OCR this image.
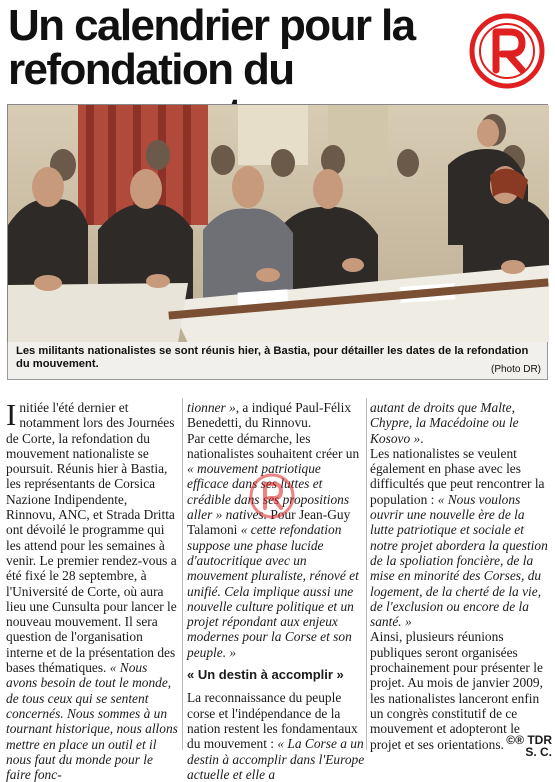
Un calendrier pour la refondation du
Les militants nationalistes se sont réunis hier, à Bastia, pour détailler les dates de la refondation du mouvement.	(Photo DR)

Initiée l'été dernier et notamment lors des Journées de Corte, la refondation du mouvement nationaliste se poursuit. Réunis hier à Bastia, les représentants de Corsica Nazione Indipendente, Rinnovu, ANC, et Strada Dritta ont dévoilé le programme qui les attend pour les semaines à venir. Le premier rendez-vous a été fixé le 28 septembre, à l'Université de Corte, où aura lieu une Cunsulta pour lancer le nouveau mouvement. Il sera question de l'organisation interne et de la présentation des bases thématiques. « Nous avons besoin de tout le monde, de tous ceux qui se sentent concernés. Nous sommes à un tournant historique, nous allons mettre en place un outil et il nous faut du monde pour le faire fonc-

tionner », a indiqué Paul-Félix Benedetti, du Rinnovu.

Par cette démarche, les nationalistes souhaitent créer un « mouvement patriotique efficace dans ses luttes et crédible dans ses propositions aller » natives. Pour Jean-Guy Talamoni « cette refondation suppose une phase lucide d'autocritique avec un mouvement pluraliste, rénové et unifié. Cela implique aussi une nouvelle culture politique et un projet répondant aux enjeux modernes pour la Corse et son peuple. »

« Un destin à accomplir »

La reconnaissance du peuple corse et l'indépendance de la nation restent les fondamentaux du mouvement : « La Corse a un destin à accomplir dans l'Europe actuelle et elle a

autant de droits que Malte, Chypre, la Macédoine ou le Kosovo ».

Les nationalistes se veulent également en phase avec les difficultés que peut rencontrer la population : « Nous voulons ouvrir une nouvelle ère de la lutte patriotique et sociale et notre projet abordera la question de la spoliation foncière, de la mise en minorité des Corses, du logement, de la cherté de la vie, de l'exclusion ou encore de la santé. »

Ainsi, plusieurs réunions publiques seront organisées prochainement pour présenter le projet. Au mois de janvier 2009, les nationalistes lanceront enfin un congrès constitutif de ce mouvement et adopteront le projet et ses orientations. ©® TDR
S. C.
